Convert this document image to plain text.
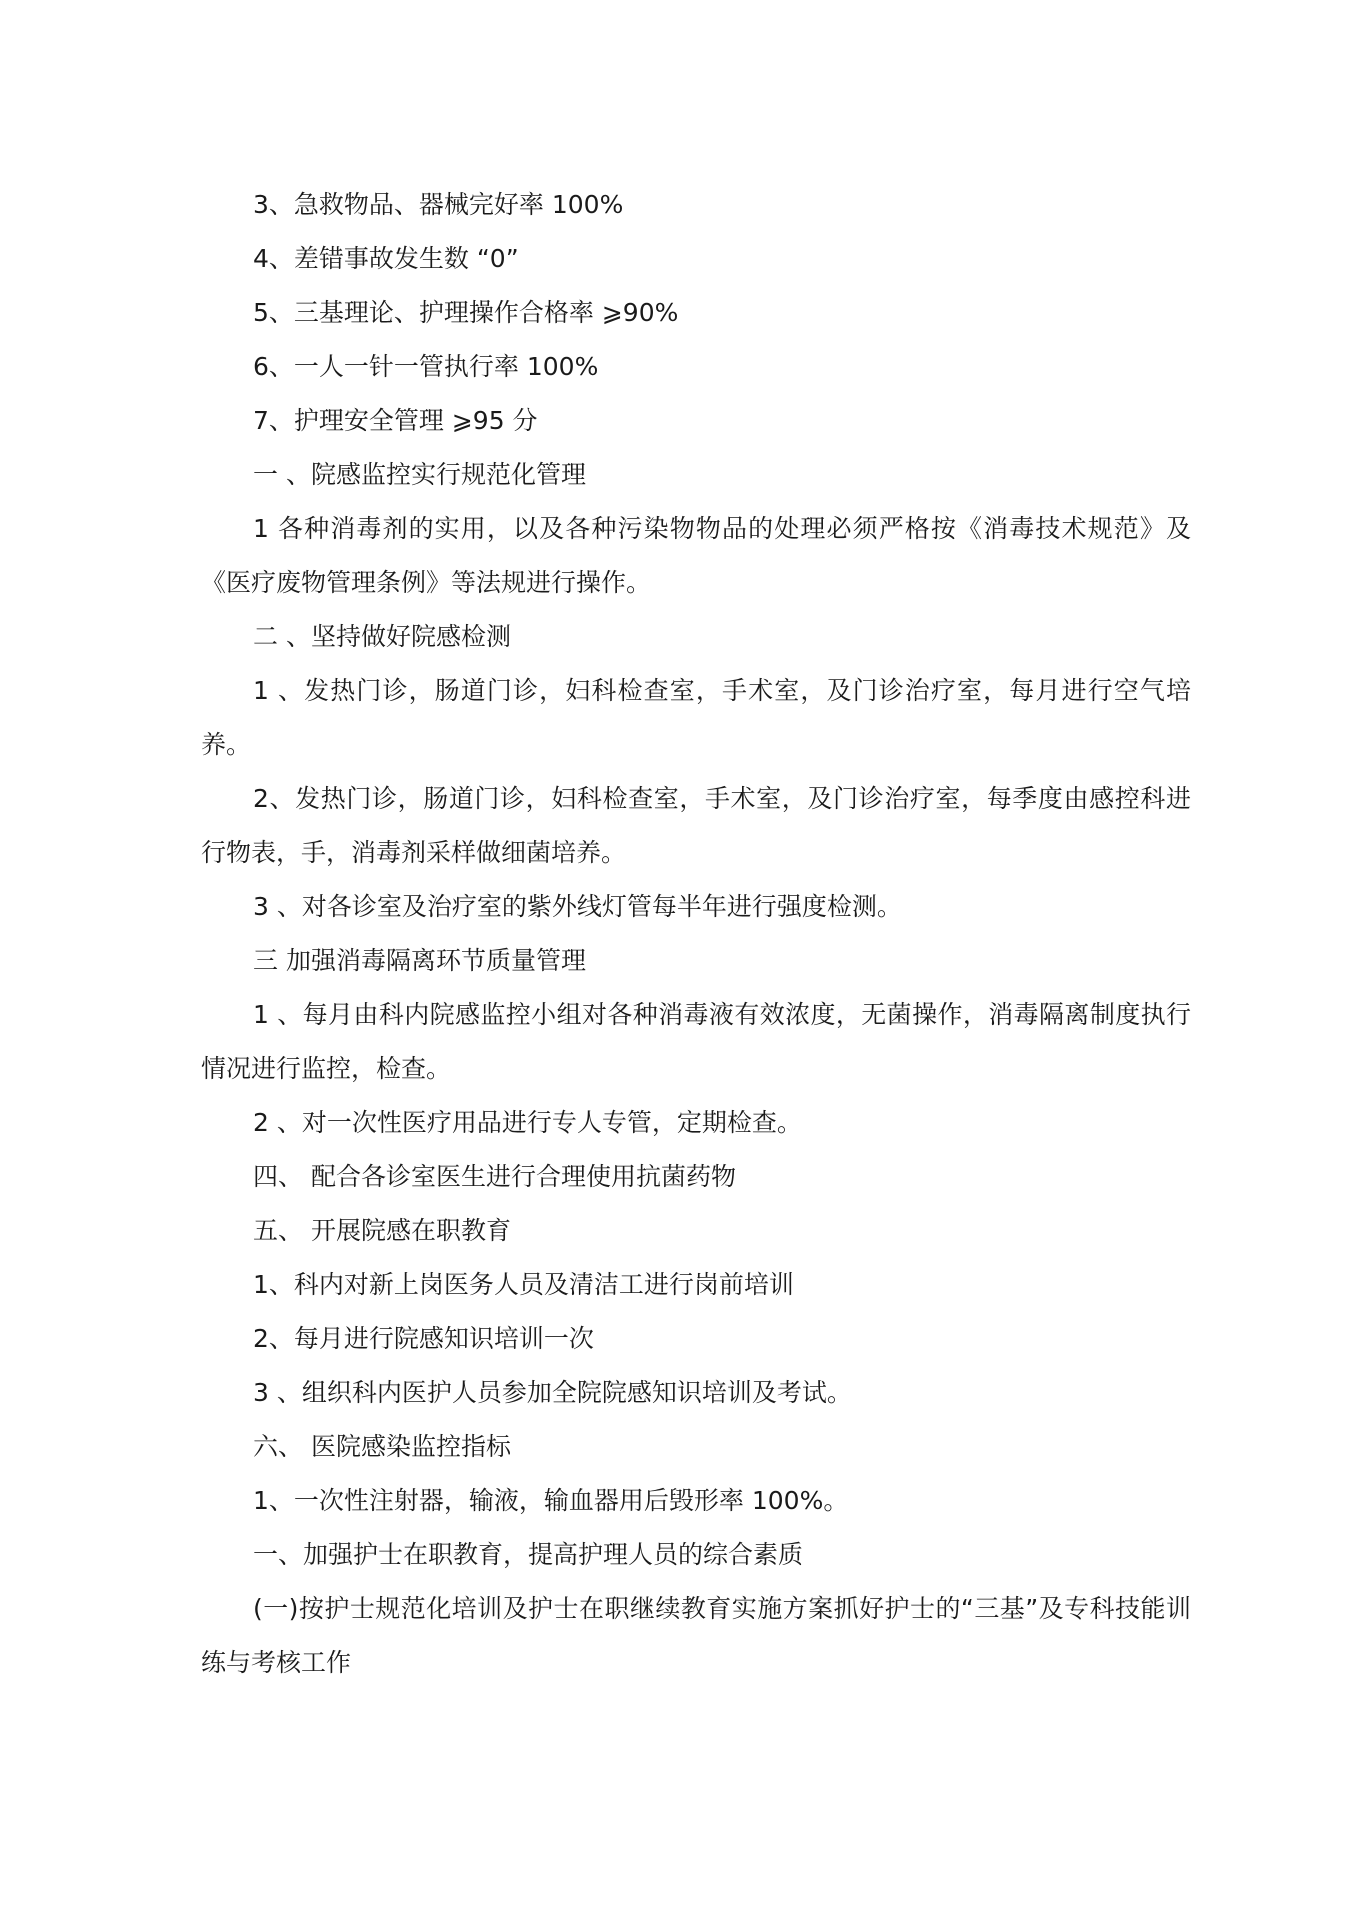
3、急救物品、器械完好率 100%

4、差错事故发生数 “0”

5、三基理论、护理操作合格率 ⩾90%

6、一人一针一管执行率 100%

7、护理安全管理 ⩾95 分

一 、院感监控实行规范化管理

1 各种消毒剂的实用，以及各种污染物物品的处理必须严格按《消毒技术规范》及《医疗废物管理条例》等法规进行操作。

二 、坚持做好院感检测

1 、发热门诊，肠道门诊，妇科检查室，手术室，及门诊治疗室，每月进行空气培养。

2、发热门诊，肠道门诊，妇科检查室，手术室，及门诊治疗室，每季度由感控科进行物表，手，消毒剂采样做细菌培养。

3 、对各诊室及治疗室的紫外线灯管每半年进行强度检测。

三 加强消毒隔离环节质量管理

1 、每月由科内院感监控小组对各种消毒液有效浓度，无菌操作，消毒隔离制度执行情况进行监控，检查。

2 、对一次性医疗用品进行专人专管，定期检查。

四、 配合各诊室医生进行合理使用抗菌药物

五、 开展院感在职教育

1、科内对新上岗医务人员及清洁工进行岗前培训

2、每月进行院感知识培训一次

3 、组织科内医护人员参加全院院感知识培训及考试。

六、 医院感染监控指标

1、一次性注射器，输液，输血器用后毁形率 100%。

一、加强护士在职教育，提高护理人员的综合素质

(一)按护士规范化培训及护士在职继续教育实施方案抓好护士的“三基”及专科技能训练与考核工作
